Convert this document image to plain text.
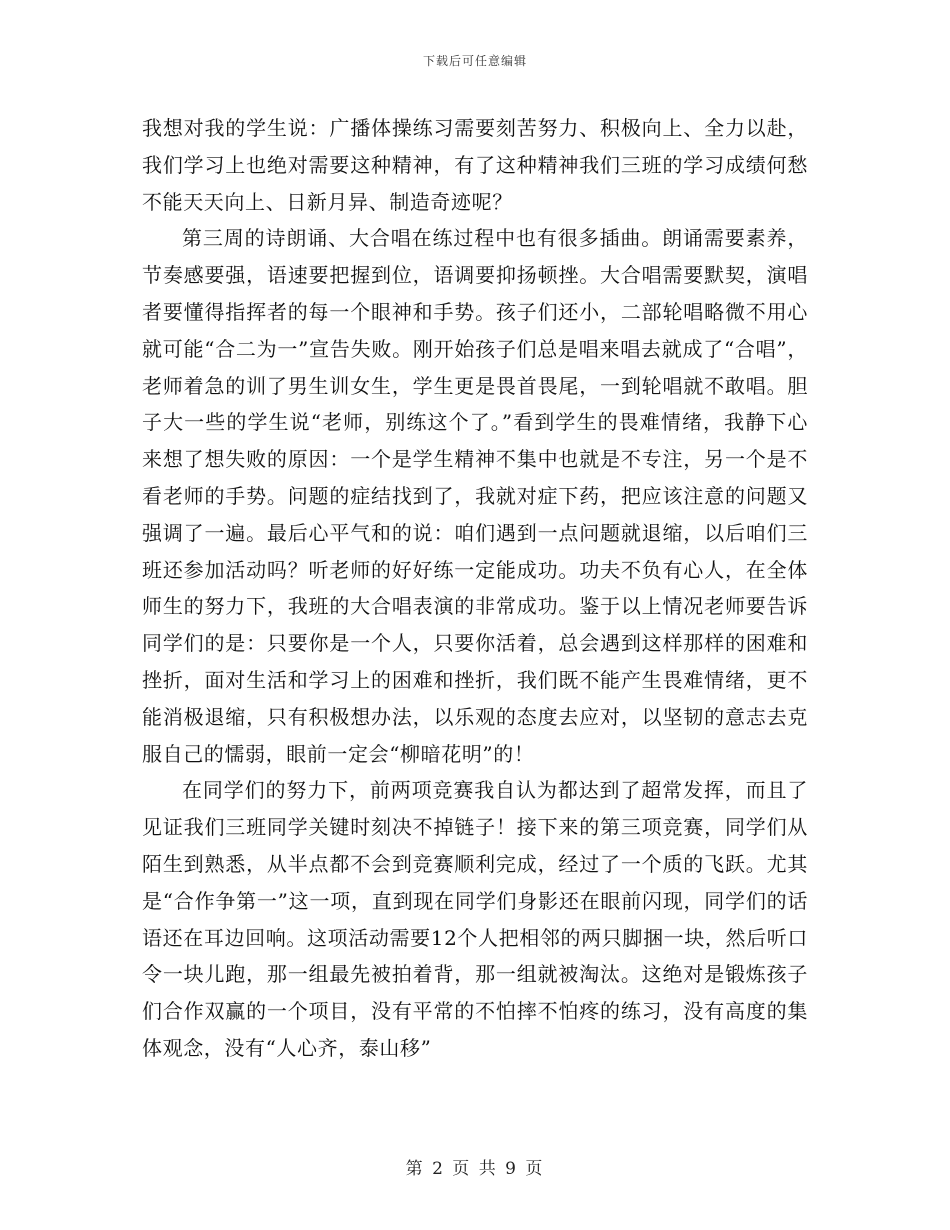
下载后可任意编辑

我想对我的学生说：广播体操练习需要刻苦努力、积极向上、全力以赴，我们学习上也绝对需要这种精神，有了这种精神我们三班的学习成绩何愁不能天天向上、日新月异、制造奇迹呢？

第三周的诗朗诵、大合唱在练过程中也有很多插曲。朗诵需要素养，节奏感要强，语速要把握到位，语调要抑扬顿挫。大合唱需要默契，演唱者要懂得指挥者的每一个眼神和手势。孩子们还小，二部轮唱略微不用心就可能“合二为一”宣告失败。刚开始孩子们总是唱来唱去就成了“合唱”，老师着急的训了男生训女生，学生更是畏首畏尾，一到轮唱就不敢唱。胆子大一些的学生说“老师，别练这个了。”看到学生的畏难情绪，我静下心来想了想失败的原因：一个是学生精神不集中也就是不专注，另一个是不看老师的手势。问题的症结找到了，我就对症下药，把应该注意的问题又强调了一遍。最后心平气和的说：咱们遇到一点问题就退缩，以后咱们三班还参加活动吗？听老师的好好练一定能成功。功夫不负有心人，在全体师生的努力下，我班的大合唱表演的非常成功。鉴于以上情况老师要告诉同学们的是：只要你是一个人，只要你活着，总会遇到这样那样的困难和挫折，面对生活和学习上的困难和挫折，我们既不能产生畏难情绪，更不能消极退缩，只有积极想办法，以乐观的态度去应对，以坚韧的意志去克服自己的懦弱，眼前一定会“柳暗花明”的！

在同学们的努力下，前两项竞赛我自认为都达到了超常发挥，而且了见证我们三班同学关键时刻决不掉链子！接下来的第三项竞赛，同学们从陌生到熟悉，从半点都不会到竞赛顺利完成，经过了一个质的飞跃。尤其是“合作争第一”这一项，直到现在同学们身影还在眼前闪现，同学们的话语还在耳边回响。这项活动需要12个人把相邻的两只脚捆一块，然后听口令一块儿跑，那一组最先被拍着背，那一组就被淘汰。这绝对是锻炼孩子们合作双赢的一个项目，没有平常的不怕摔不怕疼的练习，没有高度的集体观念，没有“人心齐，泰山移”

第 2 页 共 9 页
